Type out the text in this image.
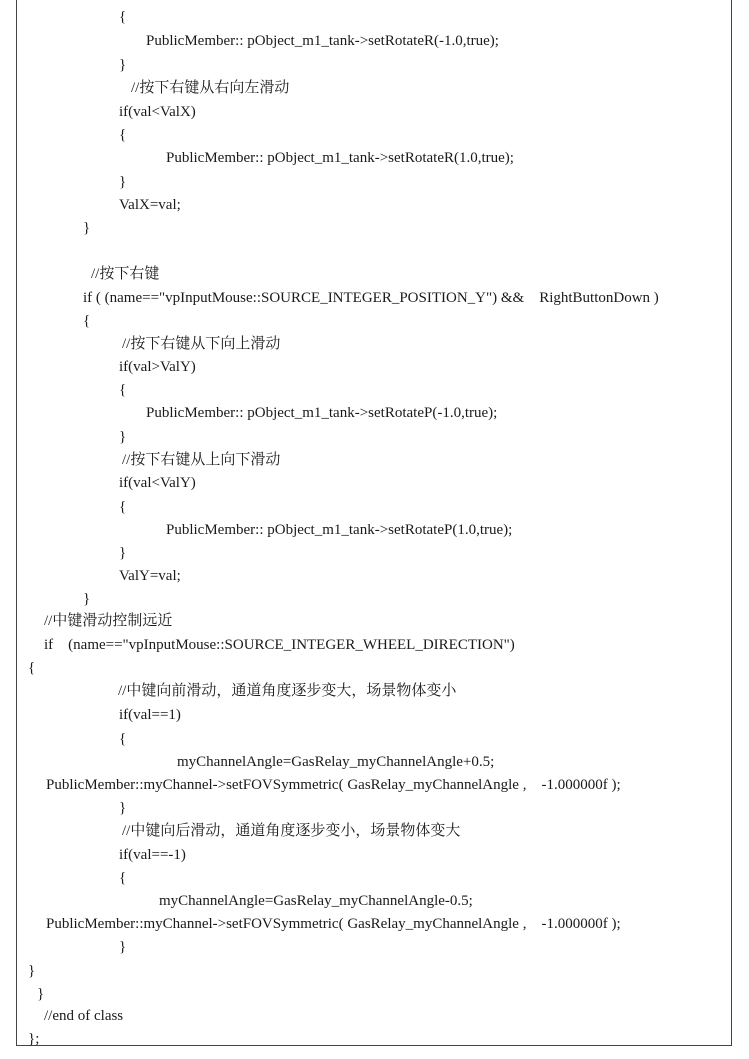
{
PublicMember:: pObject_m1_tank->setRotateR(-1.0,true);
}
//按下右键从右向左滑动
if(val<ValX)
{
PublicMember:: pObject_m1_tank->setRotateR(1.0,true);
}
ValX=val;
}
//按下右键
if ( (name=="vpInputMouse::SOURCE_INTEGER_POSITION_Y") &&    RightButtonDown )
{
//按下右键从下向上滑动
if(val>ValY)
{
PublicMember:: pObject_m1_tank->setRotateP(-1.0,true);
}
//按下右键从上向下滑动
if(val<ValY)
{
PublicMember:: pObject_m1_tank->setRotateP(1.0,true);
}
ValY=val;
}
//中键滑动控制远近
if    (name=="vpInputMouse::SOURCE_INTEGER_WHEEL_DIRECTION")
{
//中键向前滑动，通道角度逐步变大，场景物体变小
if(val==1)
{
myChannelAngle=GasRelay_myChannelAngle+0.5;
PublicMember::myChannel->setFOVSymmetric( GasRelay_myChannelAngle ,    -1.000000f );
}
//中键向后滑动，通道角度逐步变小，场景物体变大
if(val==-1)
{
myChannelAngle=GasRelay_myChannelAngle-0.5;
PublicMember::myChannel->setFOVSymmetric( GasRelay_myChannelAngle ,    -1.000000f );
}
}
}
//end of class
};
